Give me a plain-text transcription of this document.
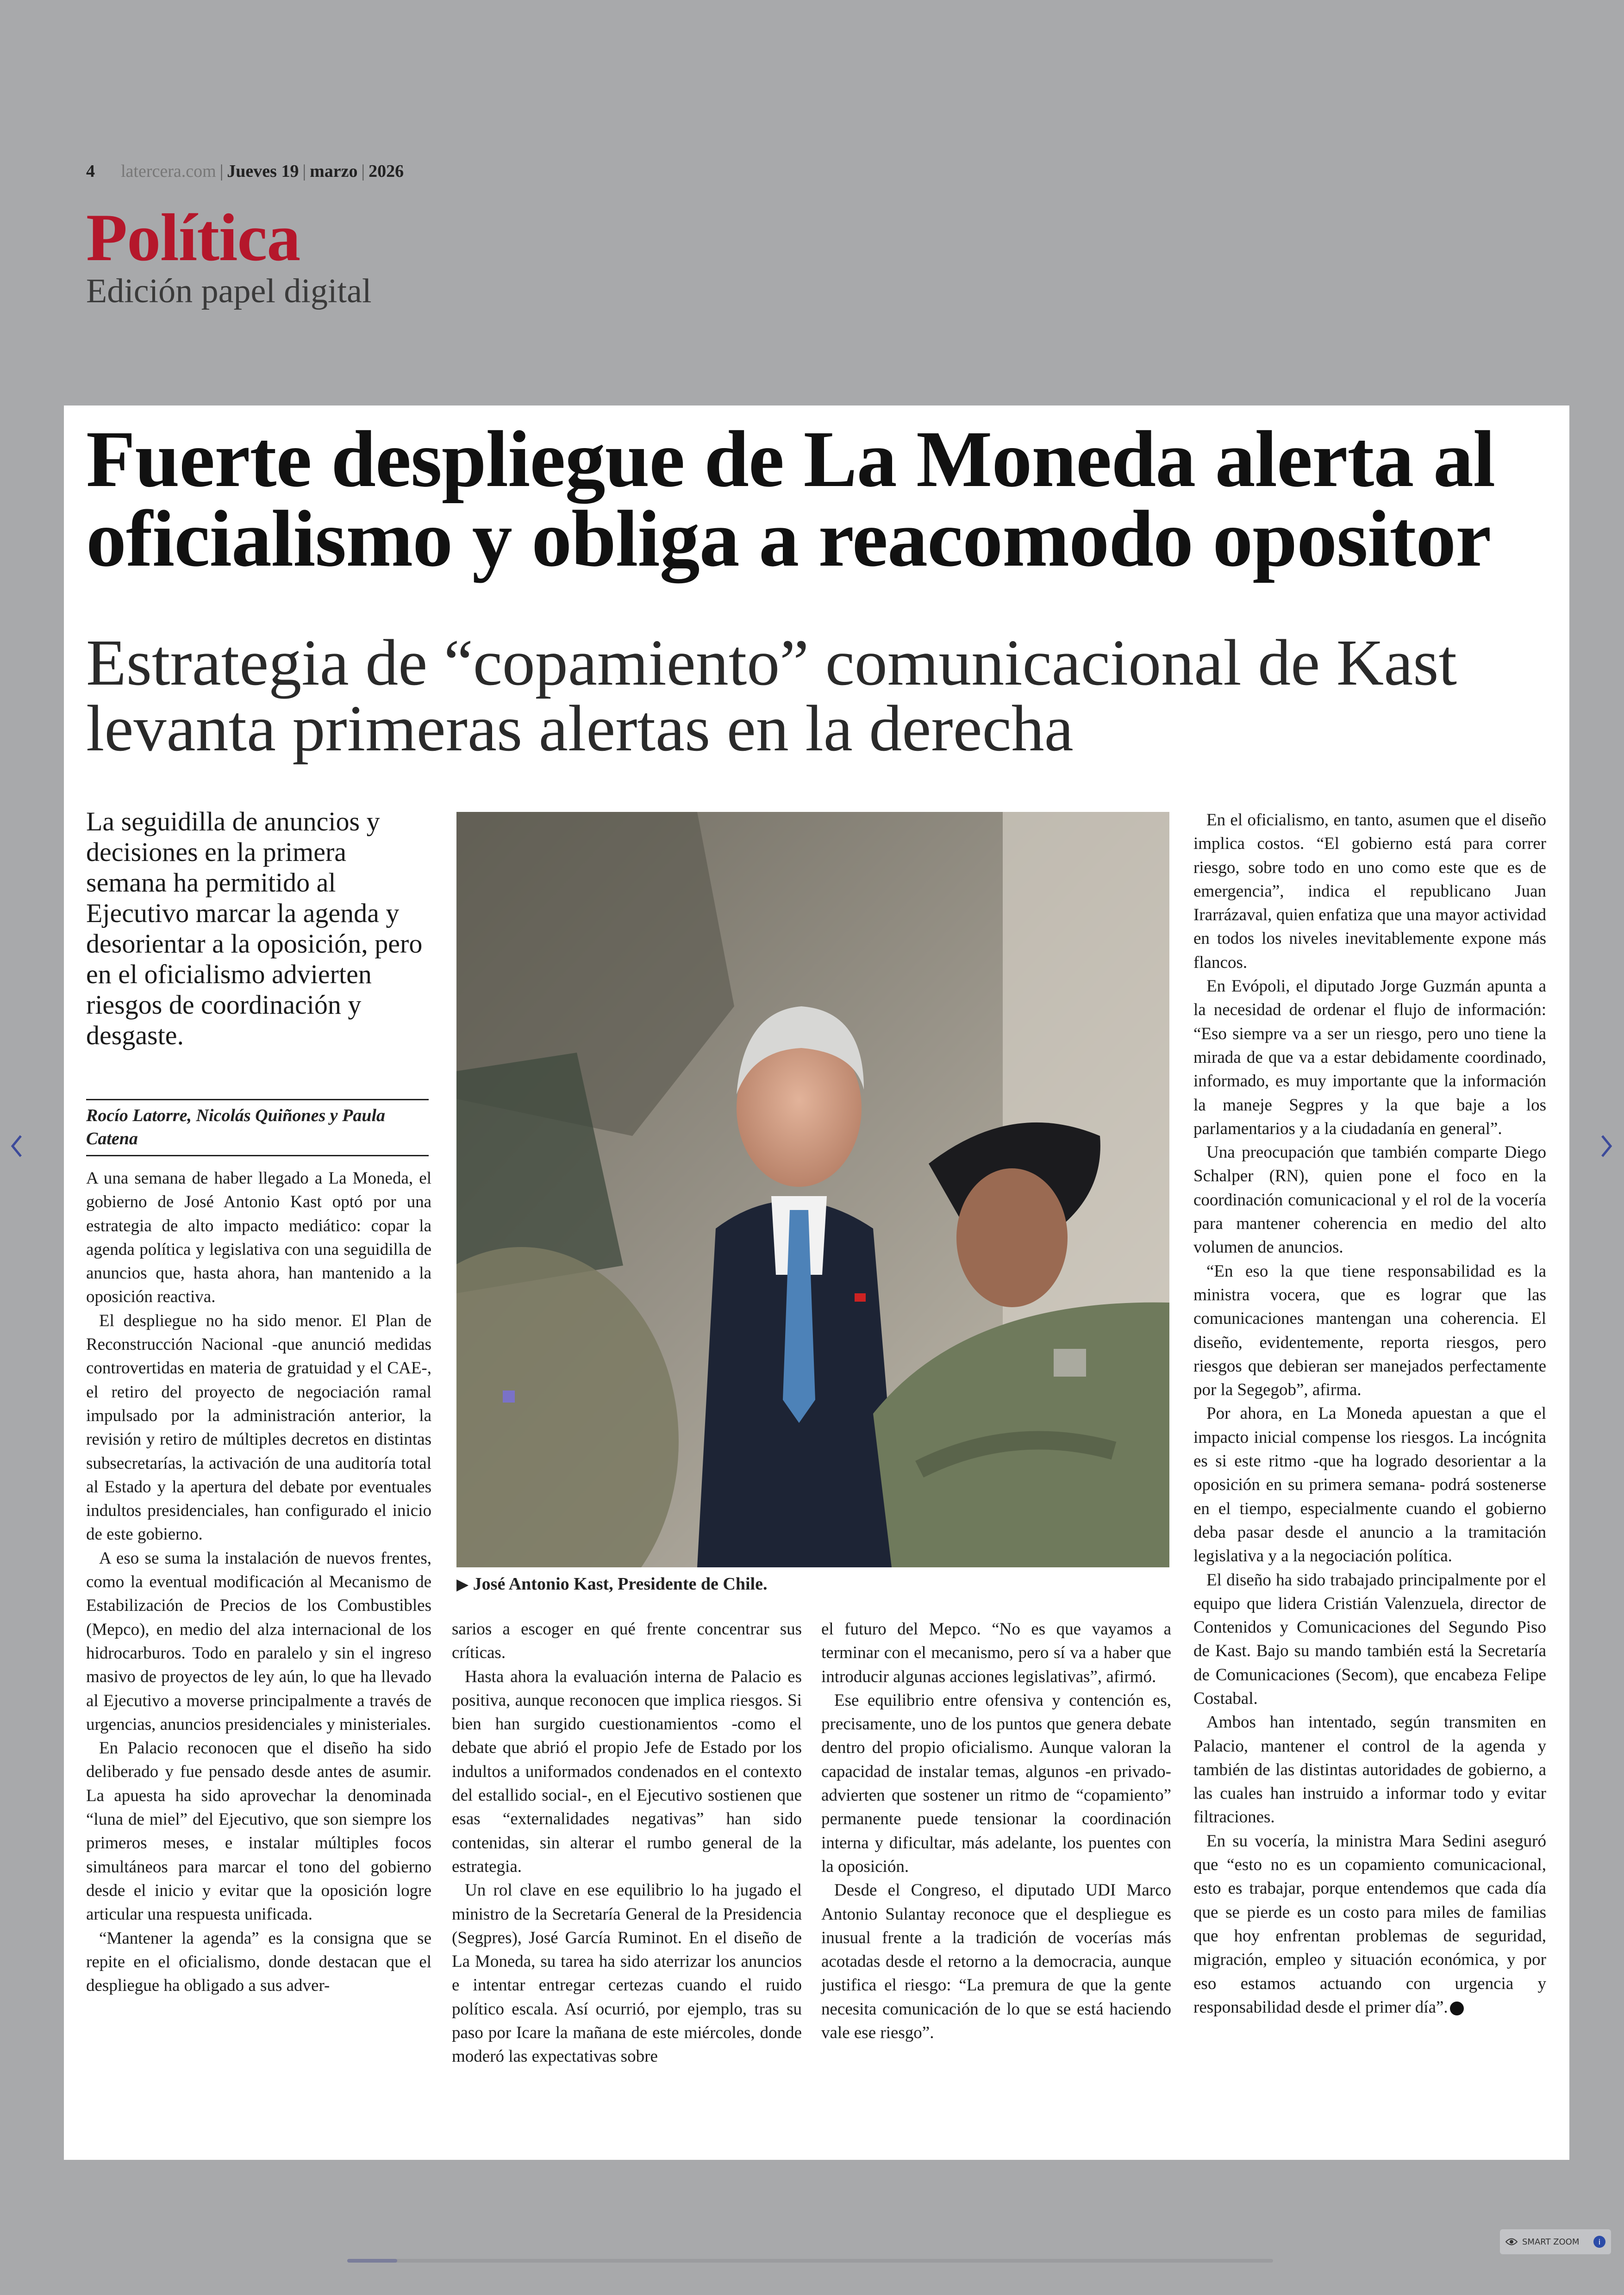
4 latercera.com | Jueves 19 | marzo | 2026
Política
Edición papel digital
Fuerte despliegue de La Moneda alerta al oficialismo y obliga a reacomodo opositor
Estrategia de “copamiento” comunicacional de Kast levanta primeras alertas en la derecha

La seguidilla de anuncios y decisiones en la primera semana ha permitido al Ejecutivo marcar la agenda y desorientar a la oposición, pero en el oficialismo advierten riesgos de coordinación y desgaste.

Rocío Latorre, Nicolás Quiñones y Paula Catena

A una semana de haber llegado a La Moneda, el gobierno de José Antonio Kast optó por una estrategia de alto impacto mediático: copar la agenda política y legislativa con una seguidilla de anuncios que, hasta ahora, han mantenido a la oposición reactiva.

El despliegue no ha sido menor. El Plan de Reconstrucción Nacional -que anunció medidas controvertidas en materia de gratuidad y el CAE-, el retiro del proyecto de negociación ramal impulsado por la administración anterior, la revisión y retiro de múltiples decretos en distintas subsecretarías, la activación de una auditoría total al Estado y la apertura del debate por eventuales indultos presidenciales, han configurado el inicio de este gobierno.

A eso se suma la instalación de nuevos frentes, como la eventual modificación al Mecanismo de Estabilización de Precios de los Combustibles (Mepco), en medio del alza internacional de los hidrocarburos. Todo en paralelo y sin el ingreso masivo de proyectos de ley aún, lo que ha llevado al Ejecutivo a moverse principalmente a través de urgencias, anuncios presidenciales y ministeriales.

En Palacio reconocen que el diseño ha sido deliberado y fue pensado desde antes de asumir. La apuesta ha sido aprovechar la denominada “luna de miel” del Ejecutivo, que son siempre los primeros meses, e instalar múltiples focos simultáneos para marcar el tono del gobierno desde el inicio y evitar que la oposición logre articular una respuesta unificada.

“Mantener la agenda” es la consigna que se repite en el oficialismo, donde destacan que el despliegue ha obligado a sus adver-

▶ José Antonio Kast, Presidente de Chile.

sarios a escoger en qué frente concentrar sus críticas.

Hasta ahora la evaluación interna de Palacio es positiva, aunque reconocen que implica riesgos. Si bien han surgido cuestionamientos -como el debate que abrió el propio Jefe de Estado por los indultos a uniformados condenados en el contexto del estallido social-, en el Ejecutivo sostienen que esas “externalidades negativas” han sido contenidas, sin alterar el rumbo general de la estrategia.

Un rol clave en ese equilibrio lo ha jugado el ministro de la Secretaría General de la Presidencia (Segpres), José García Ruminot. En el diseño de La Moneda, su tarea ha sido aterrizar los anuncios e intentar entregar certezas cuando el ruido político escala. Así ocurrió, por ejemplo, tras su paso por Icare la mañana de este miércoles, donde moderó las expectativas sobre

el futuro del Mepco. “No es que vayamos a terminar con el mecanismo, pero sí va a haber que introducir algunas acciones legislativas”, afirmó.

Ese equilibrio entre ofensiva y contención es, precisamente, uno de los puntos que genera debate dentro del propio oficialismo. Aunque valoran la capacidad de instalar temas, algunos -en privado- advierten que sostener un ritmo de “copamiento” permanente puede tensionar la coordinación interna y dificultar, más adelante, los puentes con la oposición.

Desde el Congreso, el diputado UDI Marco Antonio Sulantay reconoce que el despliegue es inusual frente a la tradición de vocerías más acotadas desde el retorno a la democracia, aunque justifica el riesgo: “La premura de que la gente necesita comunicación de lo que se está haciendo vale ese riesgo”.

En el oficialismo, en tanto, asumen que el diseño implica costos. “El gobierno está para correr riesgo, sobre todo en uno como este que es de emergencia”, indica el republicano Juan Irarrázaval, quien enfatiza que una mayor actividad en todos los niveles inevitablemente expone más flancos.

En Evópoli, el diputado Jorge Guzmán apunta a la necesidad de ordenar el flujo de información: “Eso siempre va a ser un riesgo, pero uno tiene la mirada de que va a estar debidamente coordinado, informado, es muy importante que la información la maneje Segpres y la que baje a los parlamentarios y a la ciudadanía en general”.

Una preocupación que también comparte Diego Schalper (RN), quien pone el foco en la coordinación comunicacional y el rol de la vocería para mantener coherencia en medio del alto volumen de anuncios.

“En eso la que tiene responsabilidad es la ministra vocera, que es lograr que las comunicaciones mantengan una coherencia. El diseño, evidentemente, reporta riesgos, pero riesgos que debieran ser manejados perfectamente por la Segegob”, afirma.

Por ahora, en La Moneda apuestan a que el impacto inicial compense los riesgos. La incógnita es si este ritmo -que ha logrado desorientar a la oposición en su primera semana- podrá sostenerse en el tiempo, especialmente cuando el gobierno deba pasar desde el anuncio a la tramitación legislativa y a la negociación política.

El diseño ha sido trabajado principalmente por el equipo que lidera Cristián Valenzuela, director de Contenidos y Comunicaciones del Segundo Piso de Kast. Bajo su mando también está la Secretaría de Comunicaciones (Secom), que encabeza Felipe Costabal.

Ambos han intentado, según transmiten en Palacio, mantener el control de la agenda y también de las distintas autoridades de gobierno, a las cuales han instruido a informar todo y evitar filtraciones.

En su vocería, la ministra Mara Sedini aseguró que “esto no es un copamiento comunicacional, esto es trabajar, porque entendemos que cada día que se pierde es un costo para miles de familias que hoy enfrentan problemas de seguridad, migración, empleo y situación económica, y por eso estamos actuando con urgencia y responsabilidad desde el primer día”.

SMART ZOOM	i
